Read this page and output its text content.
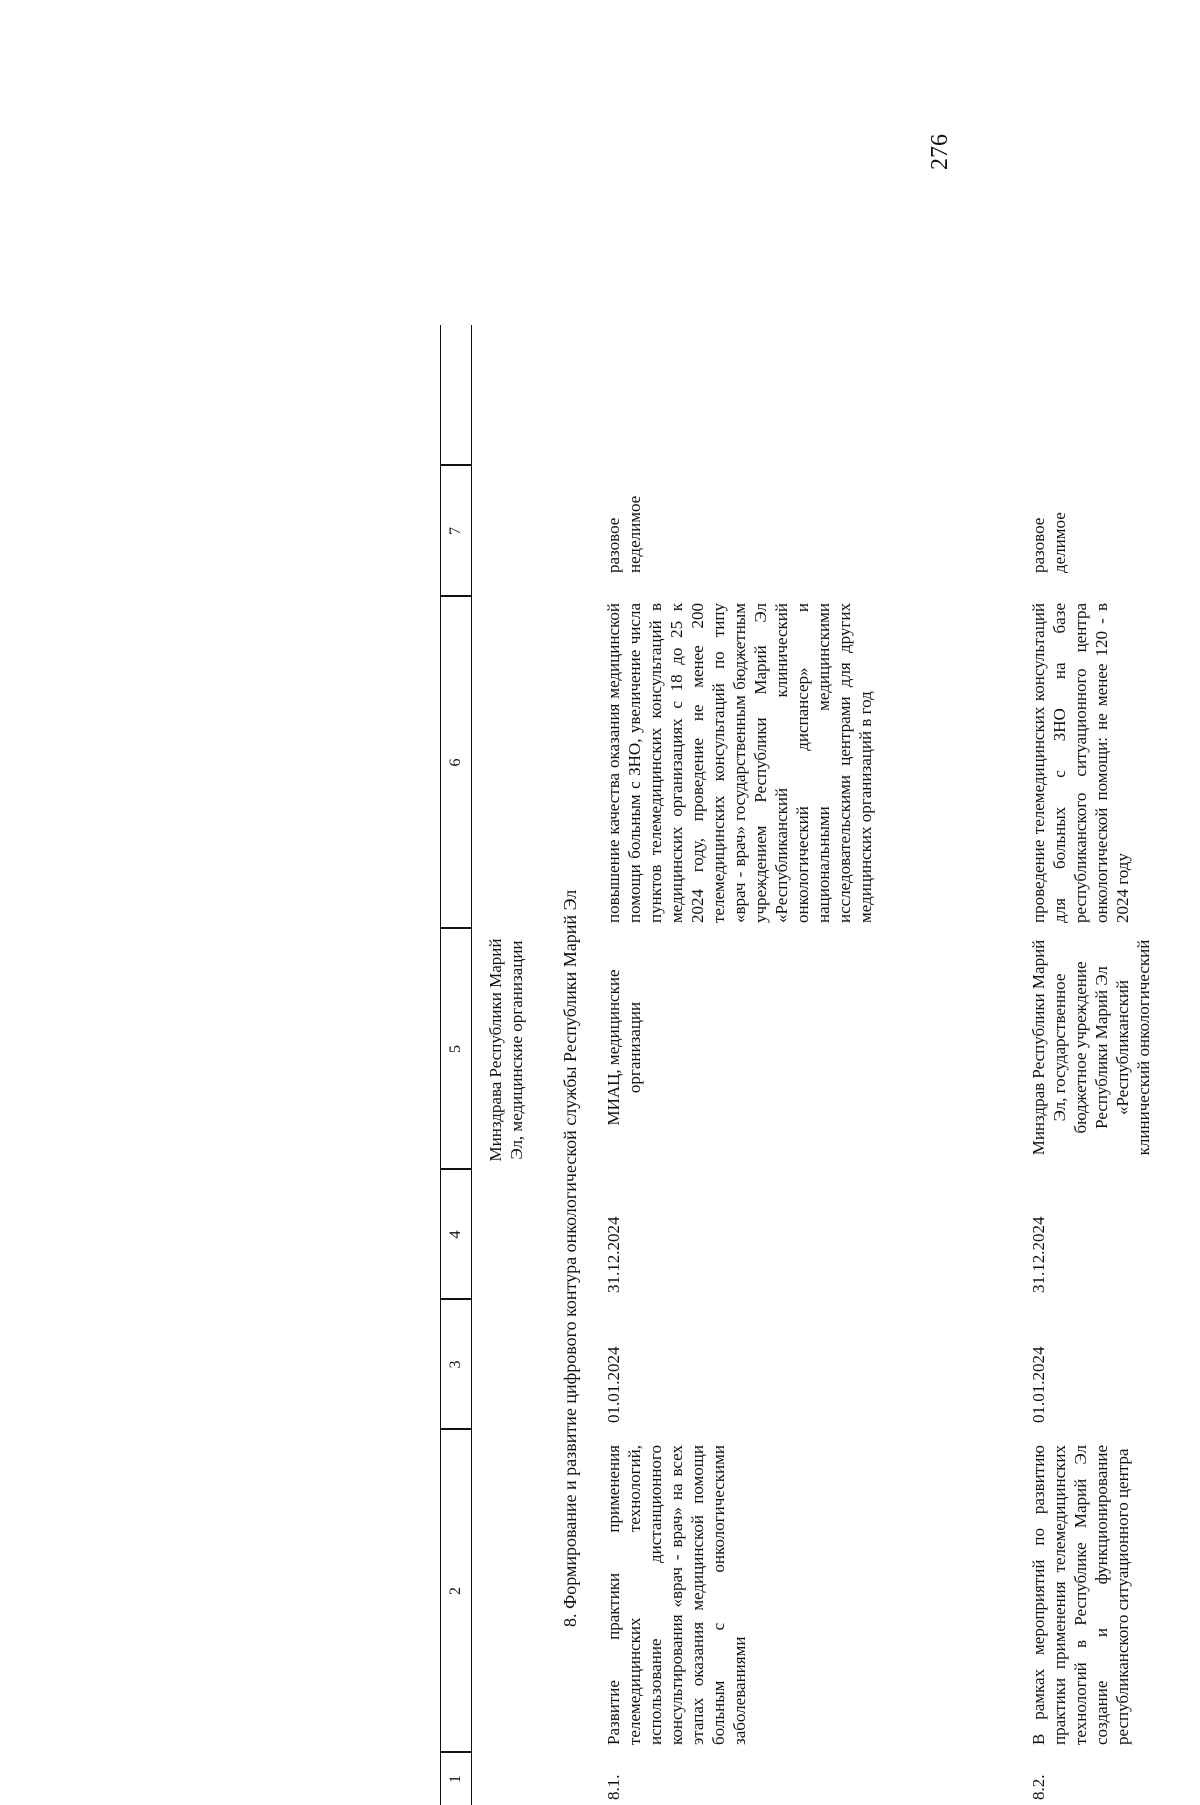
276
1
2
3
4
5
6
7
Минздрава Республики Марий Эл, медицинские организации 8. Формирование и развитие цифрового контура онкологической службы Республики Марий Эл
8.1.
Развитие практики применения телемедицинских технологий, использование дистанционного консультирования «врач - врач» на всех этапах оказания медицинской помощи больным с онкологическими заболеваниями
01.01.2024
31.12.2024
МИАЦ, медицинские организации
повышение качества оказания медицинской помощи больным с ЗНО, увеличение числа пунктов телемедицинских консультаций в медицинских организациях с 18 до 25 к 2024 году, проведение не менее 200 телемедицинских консультаций по типу «врач - врач» государственным бюджетным учреждением Республики Марий Эл «Республиканский клинический онкологический диспансер» и национальными медицинскими исследовательскими центрами для других медицинских организаций в год
разовое неделимое
8.2.
В рамках мероприятий по развитию практики применения телемедицинских технологий в Республике Марий Эл создание и функционирование республиканского ситуационного центра
01.01.2024
31.12.2024
Минздрав Республики Марий Эл, государственное бюджетное учреждение Республики Марий Эл «Республиканский клинический онкологический
проведение телемедицинских консультаций для больных с ЗНО на базе республиканского ситуационного центра онкологической помощи: не менее 120 - в 2024 году
разовое делимое
